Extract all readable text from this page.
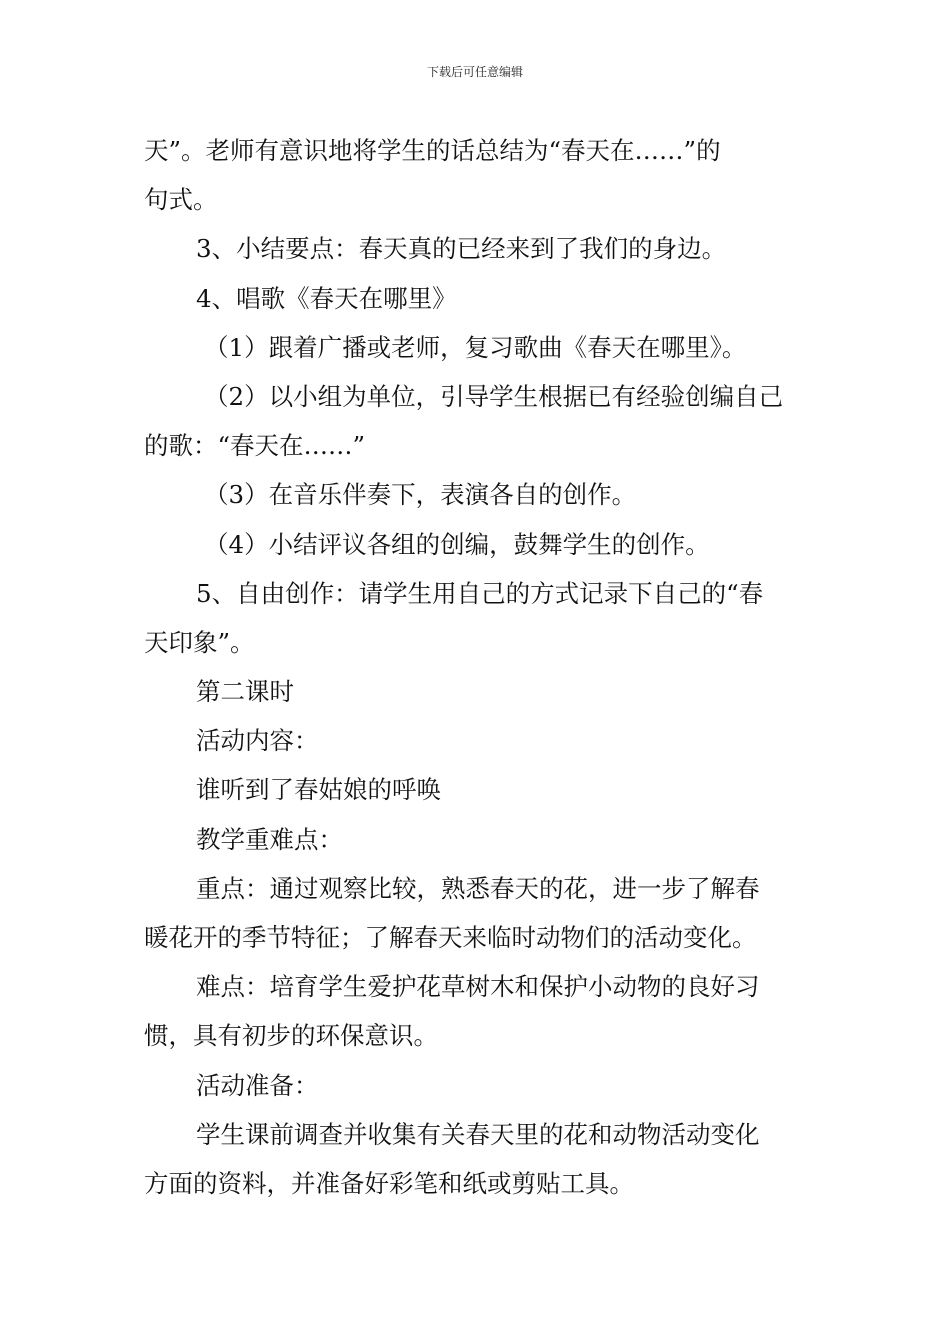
下载后可任意编辑
天”。老师有意识地将学生的话总结为“春天在……”的
句式。
3、小结要点：春天真的已经来到了我们的身边。
4、唱歌《春天在哪里》
（1）跟着广播或老师，复习歌曲《春天在哪里》。
（2）以小组为单位，引导学生根据已有经验创编自己
的歌：“春天在……”
（3）在音乐伴奏下，表演各自的创作。
（4）小结评议各组的创编，鼓舞学生的创作。
5、自由创作：请学生用自己的方式记录下自己的“春
天印象”。
第二课时
活动内容：
谁听到了春姑娘的呼唤
教学重难点：
重点：通过观察比较，熟悉春天的花，进一步了解春
暖花开的季节特征；了解春天来临时动物们的活动变化。
难点：培育学生爱护花草树木和保护小动物的良好习
惯，具有初步的环保意识。
活动准备：
学生课前调查并收集有关春天里的花和动物活动变化
方面的资料，并准备好彩笔和纸或剪贴工具。
